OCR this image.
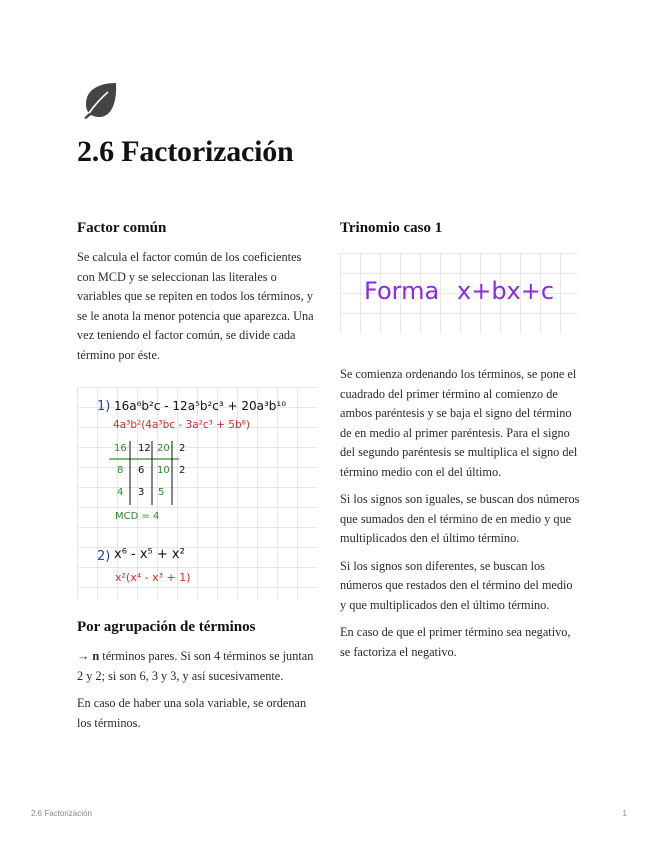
2.6 Factorización
Factor común

Se calcula el factor común de los coeficientes con MCD y se seleccionan las literales o variables que se repiten en todos los términos, y se le anota la menor potencia que aparezca. Una vez teniendo el factor común, se divide cada término por éste.

1) 16a⁶b²c - 12a⁵b²c³ + 20a³b¹⁰
4a³b²(4a³bc - 3a²c³ + 5b⁸)
16 12 20 2
8 6 10 2
4 3 5
MCD = 4
2) x⁶ - x⁵ + x²
x²(x⁴ - x³ + 1)
Por agrupación de términos

→ n términos pares. Si son 4 términos se juntan 2 y 2; si son 6, 3 y 3, y así sucesivamente.

En caso de haber una sola variable, se ordenan los términos.

Trinomio caso 1
Forma x+bx+c

Se comienza ordenando los términos, se pone el cuadrado del primer término al comienzo de ambos paréntesis y se baja el signo del término de en medio al primer paréntesis. Para el signo del segundo paréntesis se multiplica el signo del término medio con el del último.

Si los signos son iguales, se buscan dos números que sumados den el término de en medio y que multiplicados den el último término.

Si los signos son diferentes, se buscan los números que restados den el término del medio y que multiplicados den el último término.

En caso de que el primer término sea negativo, se factoriza el negativo.

2.6 Factorización	1
